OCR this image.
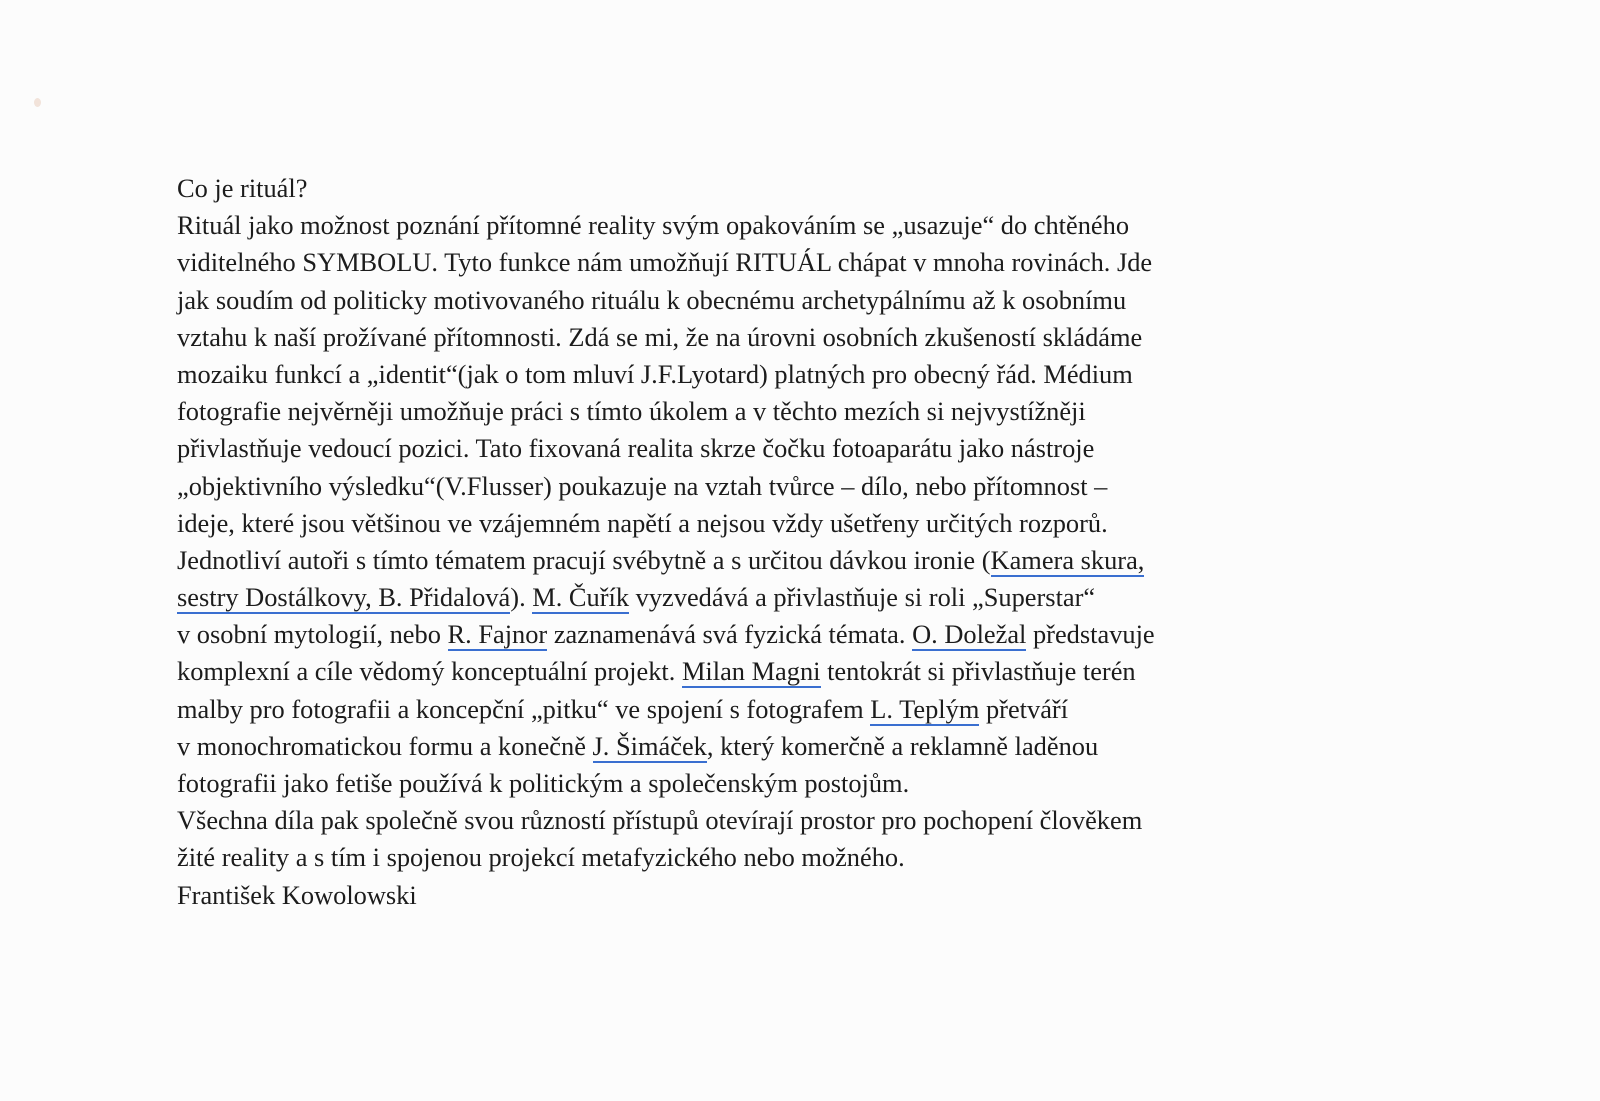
Co je rituál?
Rituál jako možnost poznání přítomné reality svým opakováním se „usazuje“ do chtěného
viditelného SYMBOLU. Tyto funkce nám umožňují RITUÁL chápat v mnoha rovinách. Jde
jak soudím od politicky motivovaného rituálu k obecnému archetypálnímu až k osobnímu
vztahu k naší prožívané přítomnosti. Zdá se mi, že na úrovni osobních zkušeností skládáme
mozaiku funkcí a „identit“(jak o tom mluví J.F.Lyotard) platných pro obecný řád. Médium
fotografie nejvěrněji umožňuje práci s tímto úkolem a v těchto mezích si nejvystížněji
přivlastňuje vedoucí pozici. Tato fixovaná realita skrze čočku fotoaparátu jako nástroje
„objektivního výsledku“(V.Flusser) poukazuje na vztah tvůrce – dílo, nebo přítomnost –
ideje, které jsou většinou ve vzájemném napětí a nejsou vždy ušetřeny určitých rozporů.
Jednotliví autoři s tímto tématem pracují svébytně a s určitou dávkou ironie (Kamera skura,
sestry Dostálkovy, B. Přidalová). M. Čuřík vyzvedává a přivlastňuje si roli „Superstar“
v osobní mytologií, nebo R. Fajnor zaznamenává svá fyzická témata. O. Doležal představuje
komplexní a cíle vědomý konceptuální projekt. Milan Magni tentokrát si přivlastňuje terén
malby pro fotografii a koncepční „pitku“ ve spojení s fotografem L. Teplým přetváří
v monochromatickou formu a konečně J. Šimáček, který komerčně a reklamně laděnou
fotografii jako fetiše používá k politickým a společenským postojům.
Všechna díla pak společně svou růzností přístupů otevírají prostor pro pochopení člověkem
žité reality a s tím i spojenou projekcí metafyzického nebo možného.
František Kowolowski
